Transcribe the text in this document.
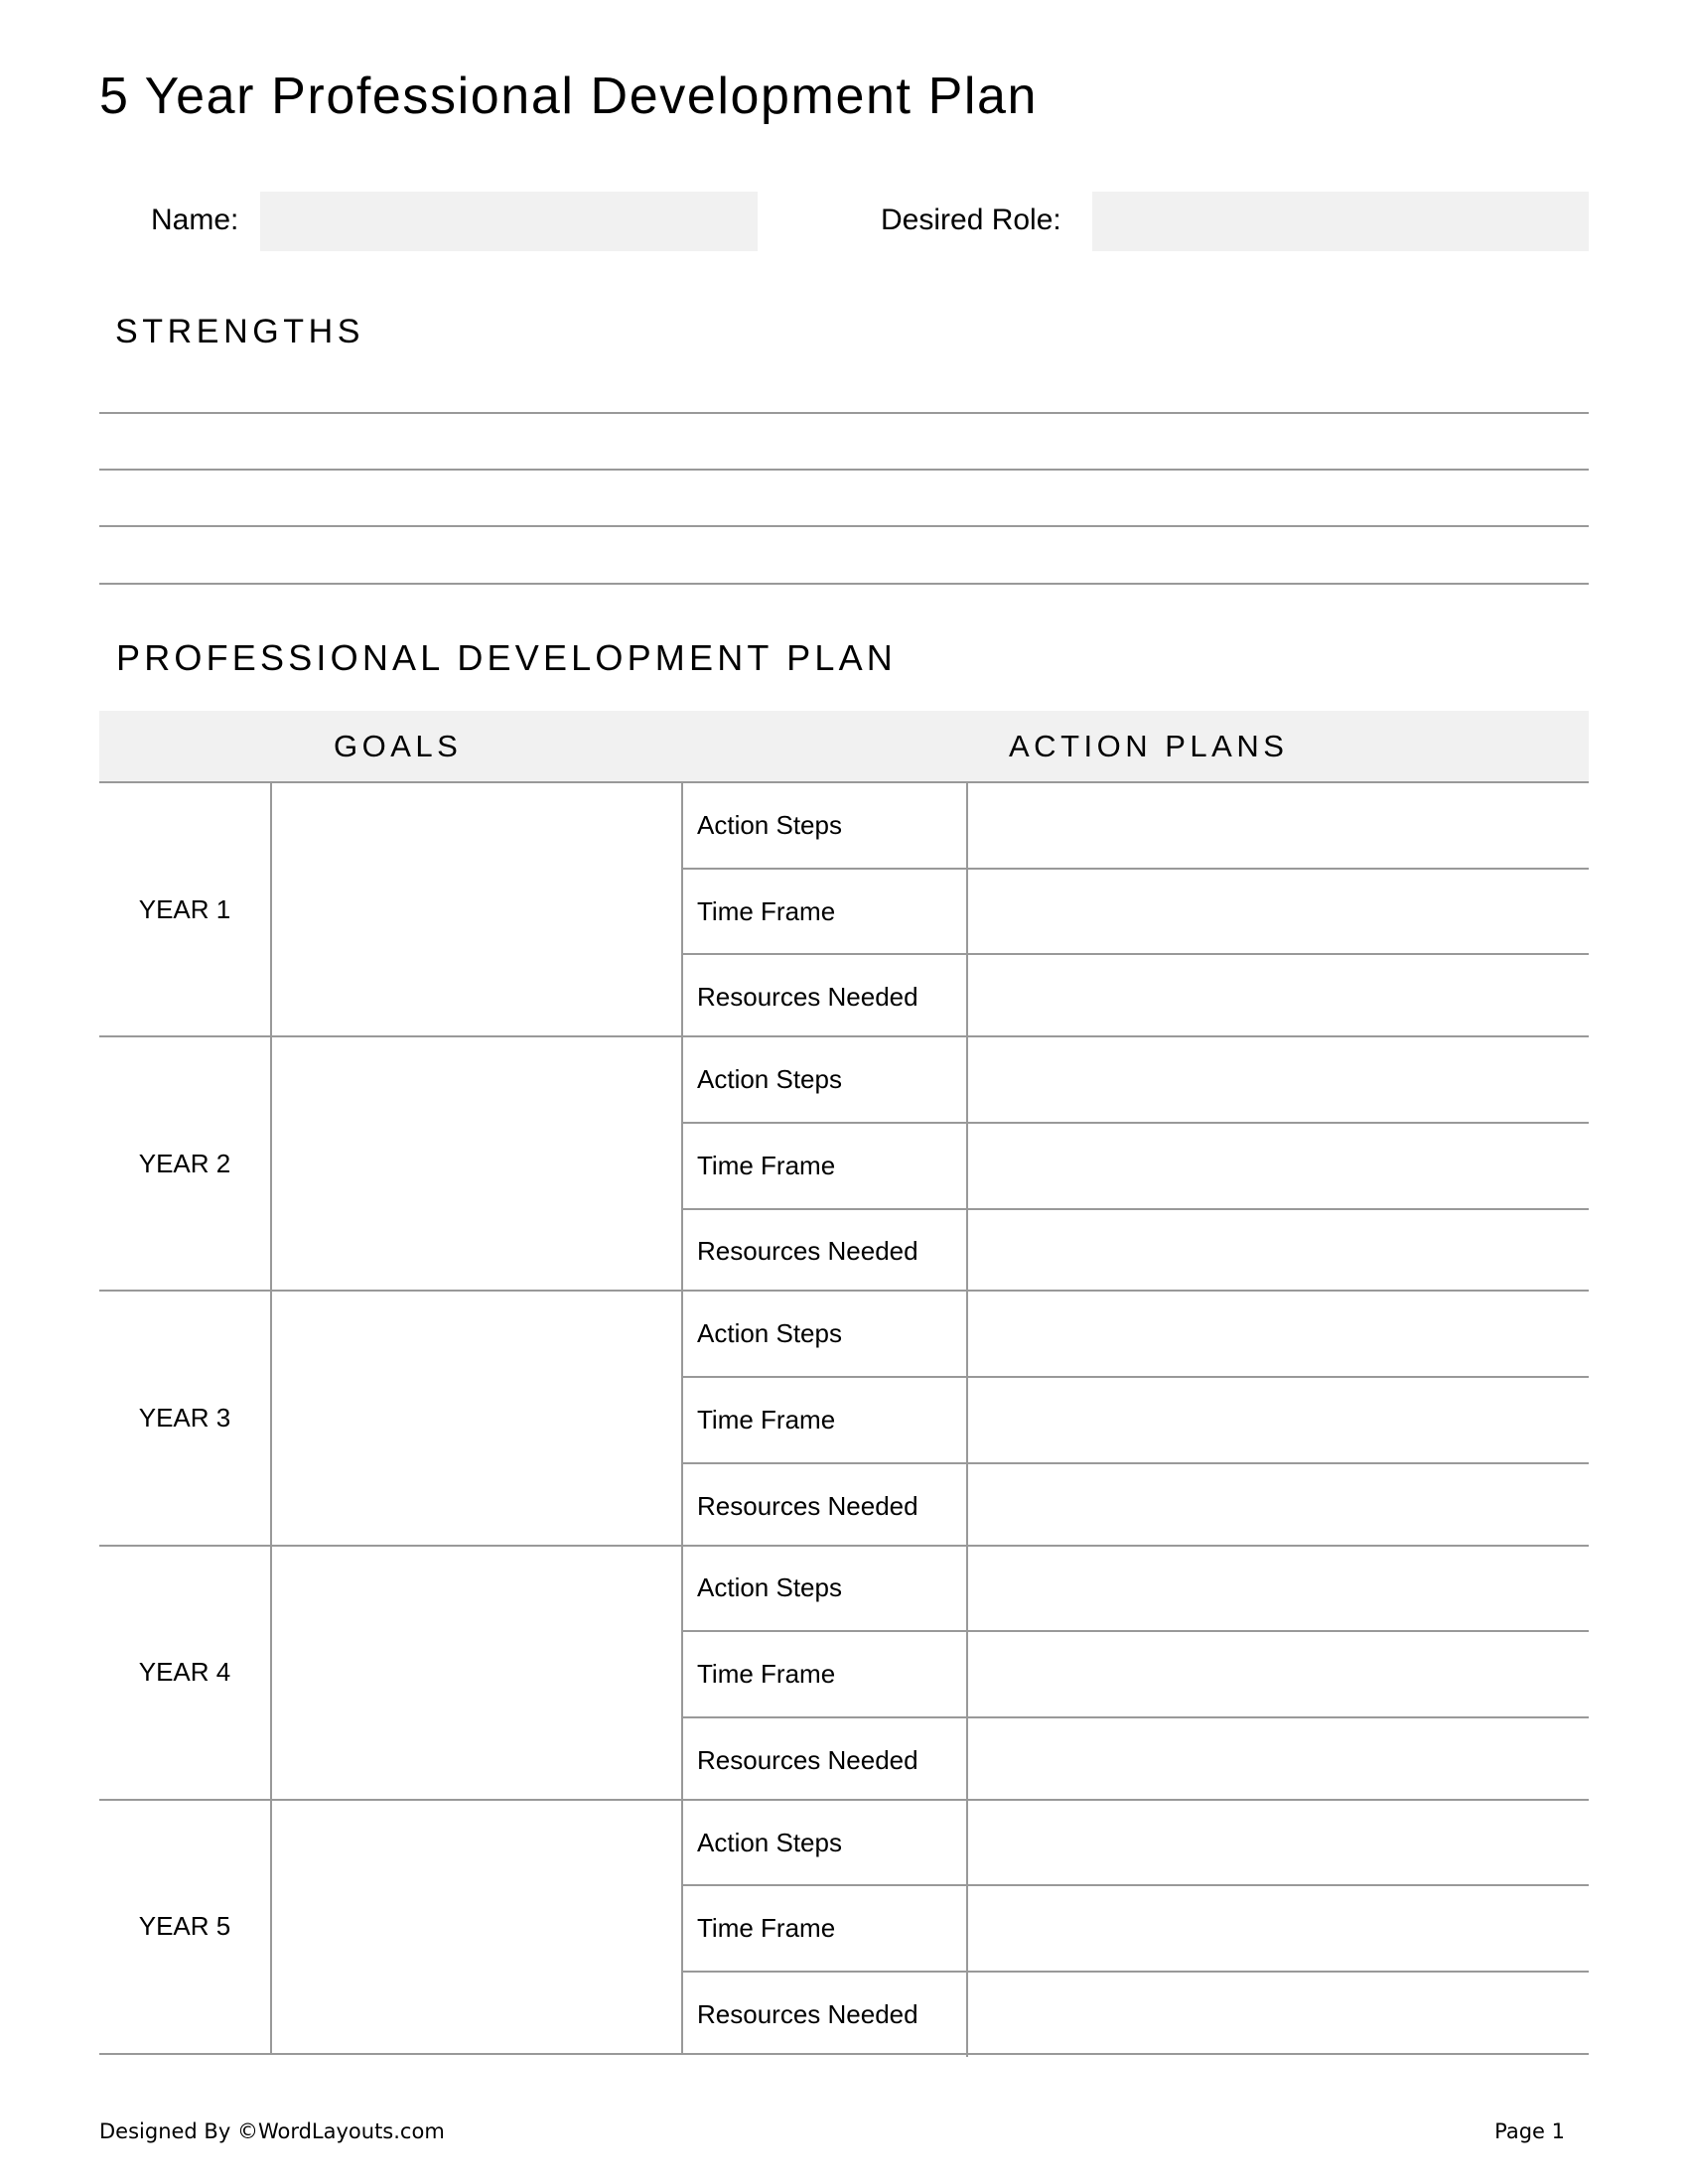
5 Year Professional Development Plan
Name:	Desired Role:
STRENGTHS
PROFESSIONAL DEVELOPMENT PLAN
GOALS	ACTION PLANS
YEAR 1
Action Steps
Time Frame
Resources Needed
YEAR 2
Action Steps
Time Frame
Resources Needed
YEAR 3
Action Steps
Time Frame
Resources Needed
YEAR 4
Action Steps
Time Frame
Resources Needed
YEAR 5
Action Steps
Time Frame
Resources Needed
Designed By ©WordLayouts.com	Page 1
